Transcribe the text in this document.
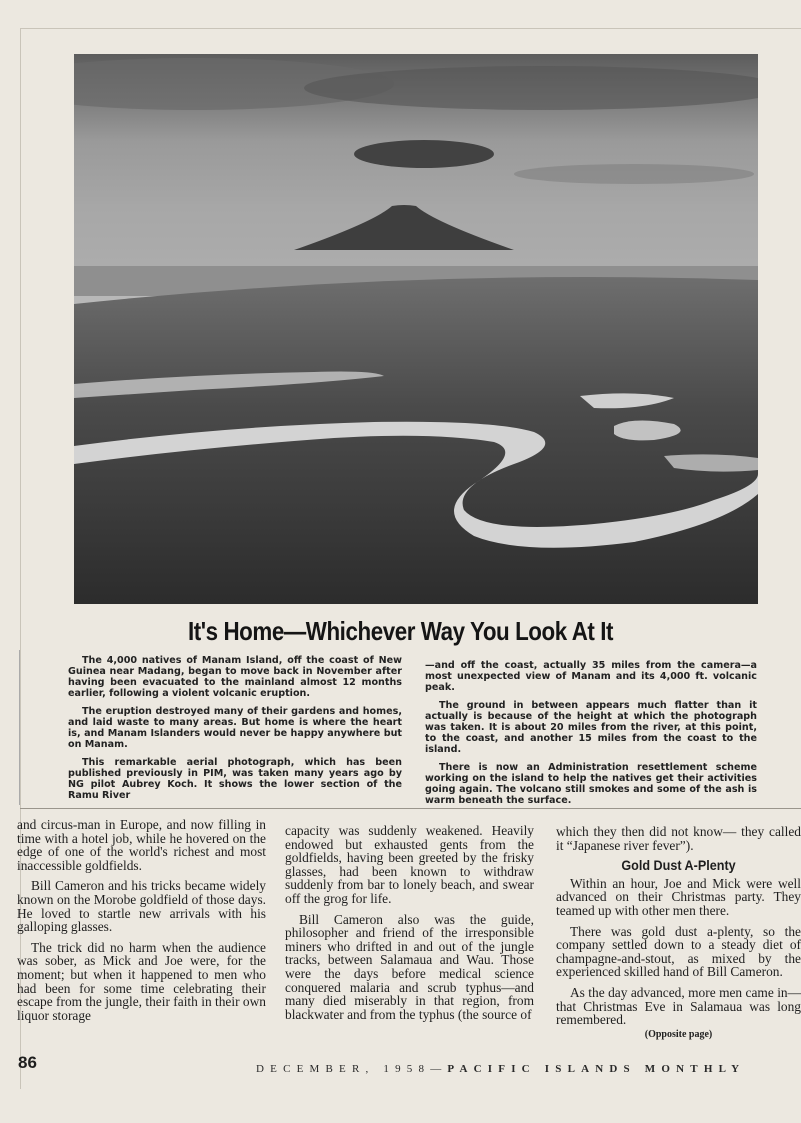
It's Home—Whichever Way You Look At It

The 4,000 natives of Manam Island, off the coast of New Guinea near Madang, began to move back in November after having been evacuated to the mainland almost 12 months earlier, following a violent volcanic eruption.

The eruption destroyed many of their gardens and homes, and laid waste to many areas. But home is where the heart is, and Manam Islanders would never be happy anywhere but on Manam.

This remarkable aerial photograph, which has been published previously in PIM, was taken many years ago by NG pilot Aubrey Koch. It shows the lower section of the Ramu River

—and off the coast, actually 35 miles from the camera—a most unexpected view of Manam and its 4,000 ft. volcanic peak.

The ground in between appears much flatter than it actually is because of the height at which the photograph was taken. It is about 20 miles from the river, at this point, to the coast, and another 15 miles from the coast to the island.

There is now an Administration resettlement scheme working on the island to help the natives get their activities going again. The volcano still smokes and some of the ash is warm beneath the surface.

and circus-man in Europe, and now filling in time with a hotel job, while he hovered on the edge of one of the world's richest and most inaccessible goldfields.

Bill Cameron and his tricks became widely known on the Morobe goldfield of those days. He loved to startle new arrivals with his galloping glasses.

The trick did no harm when the audience was sober, as Mick and Joe were, for the moment; but when it happened to men who had been for some time celebrating their escape from the jungle, their faith in their own liquor storage

capacity was suddenly weakened. Heavily endowed but exhausted gents from the goldfields, having been greeted by the frisky glasses, had been known to withdraw suddenly from bar to lonely beach, and swear off the grog for life.

Bill Cameron also was the guide, philosopher and friend of the irresponsible miners who drifted in and out of the jungle tracks, between Salamaua and Wau. Those were the days before medical science conquered malaria and scrub typhus—and many died miserably in that region, from blackwater and from the typhus (the source of

which they then did not know— they called it “Japanese river fever”).

Gold Dust A-Plenty

Within an hour, Joe and Mick were well advanced on their Christmas party. They teamed up with other men there.

There was gold dust a-plenty, so the company settled down to a steady diet of champagne-and-stout, as mixed by the experienced skilled hand of Bill Cameron.

As the day advanced, more men came in—that Christmas Eve in Salamaua was long remembered.

(Opposite page)
86	DECEMBER, 1958—PACIFIC ISLANDS MONTHLY
